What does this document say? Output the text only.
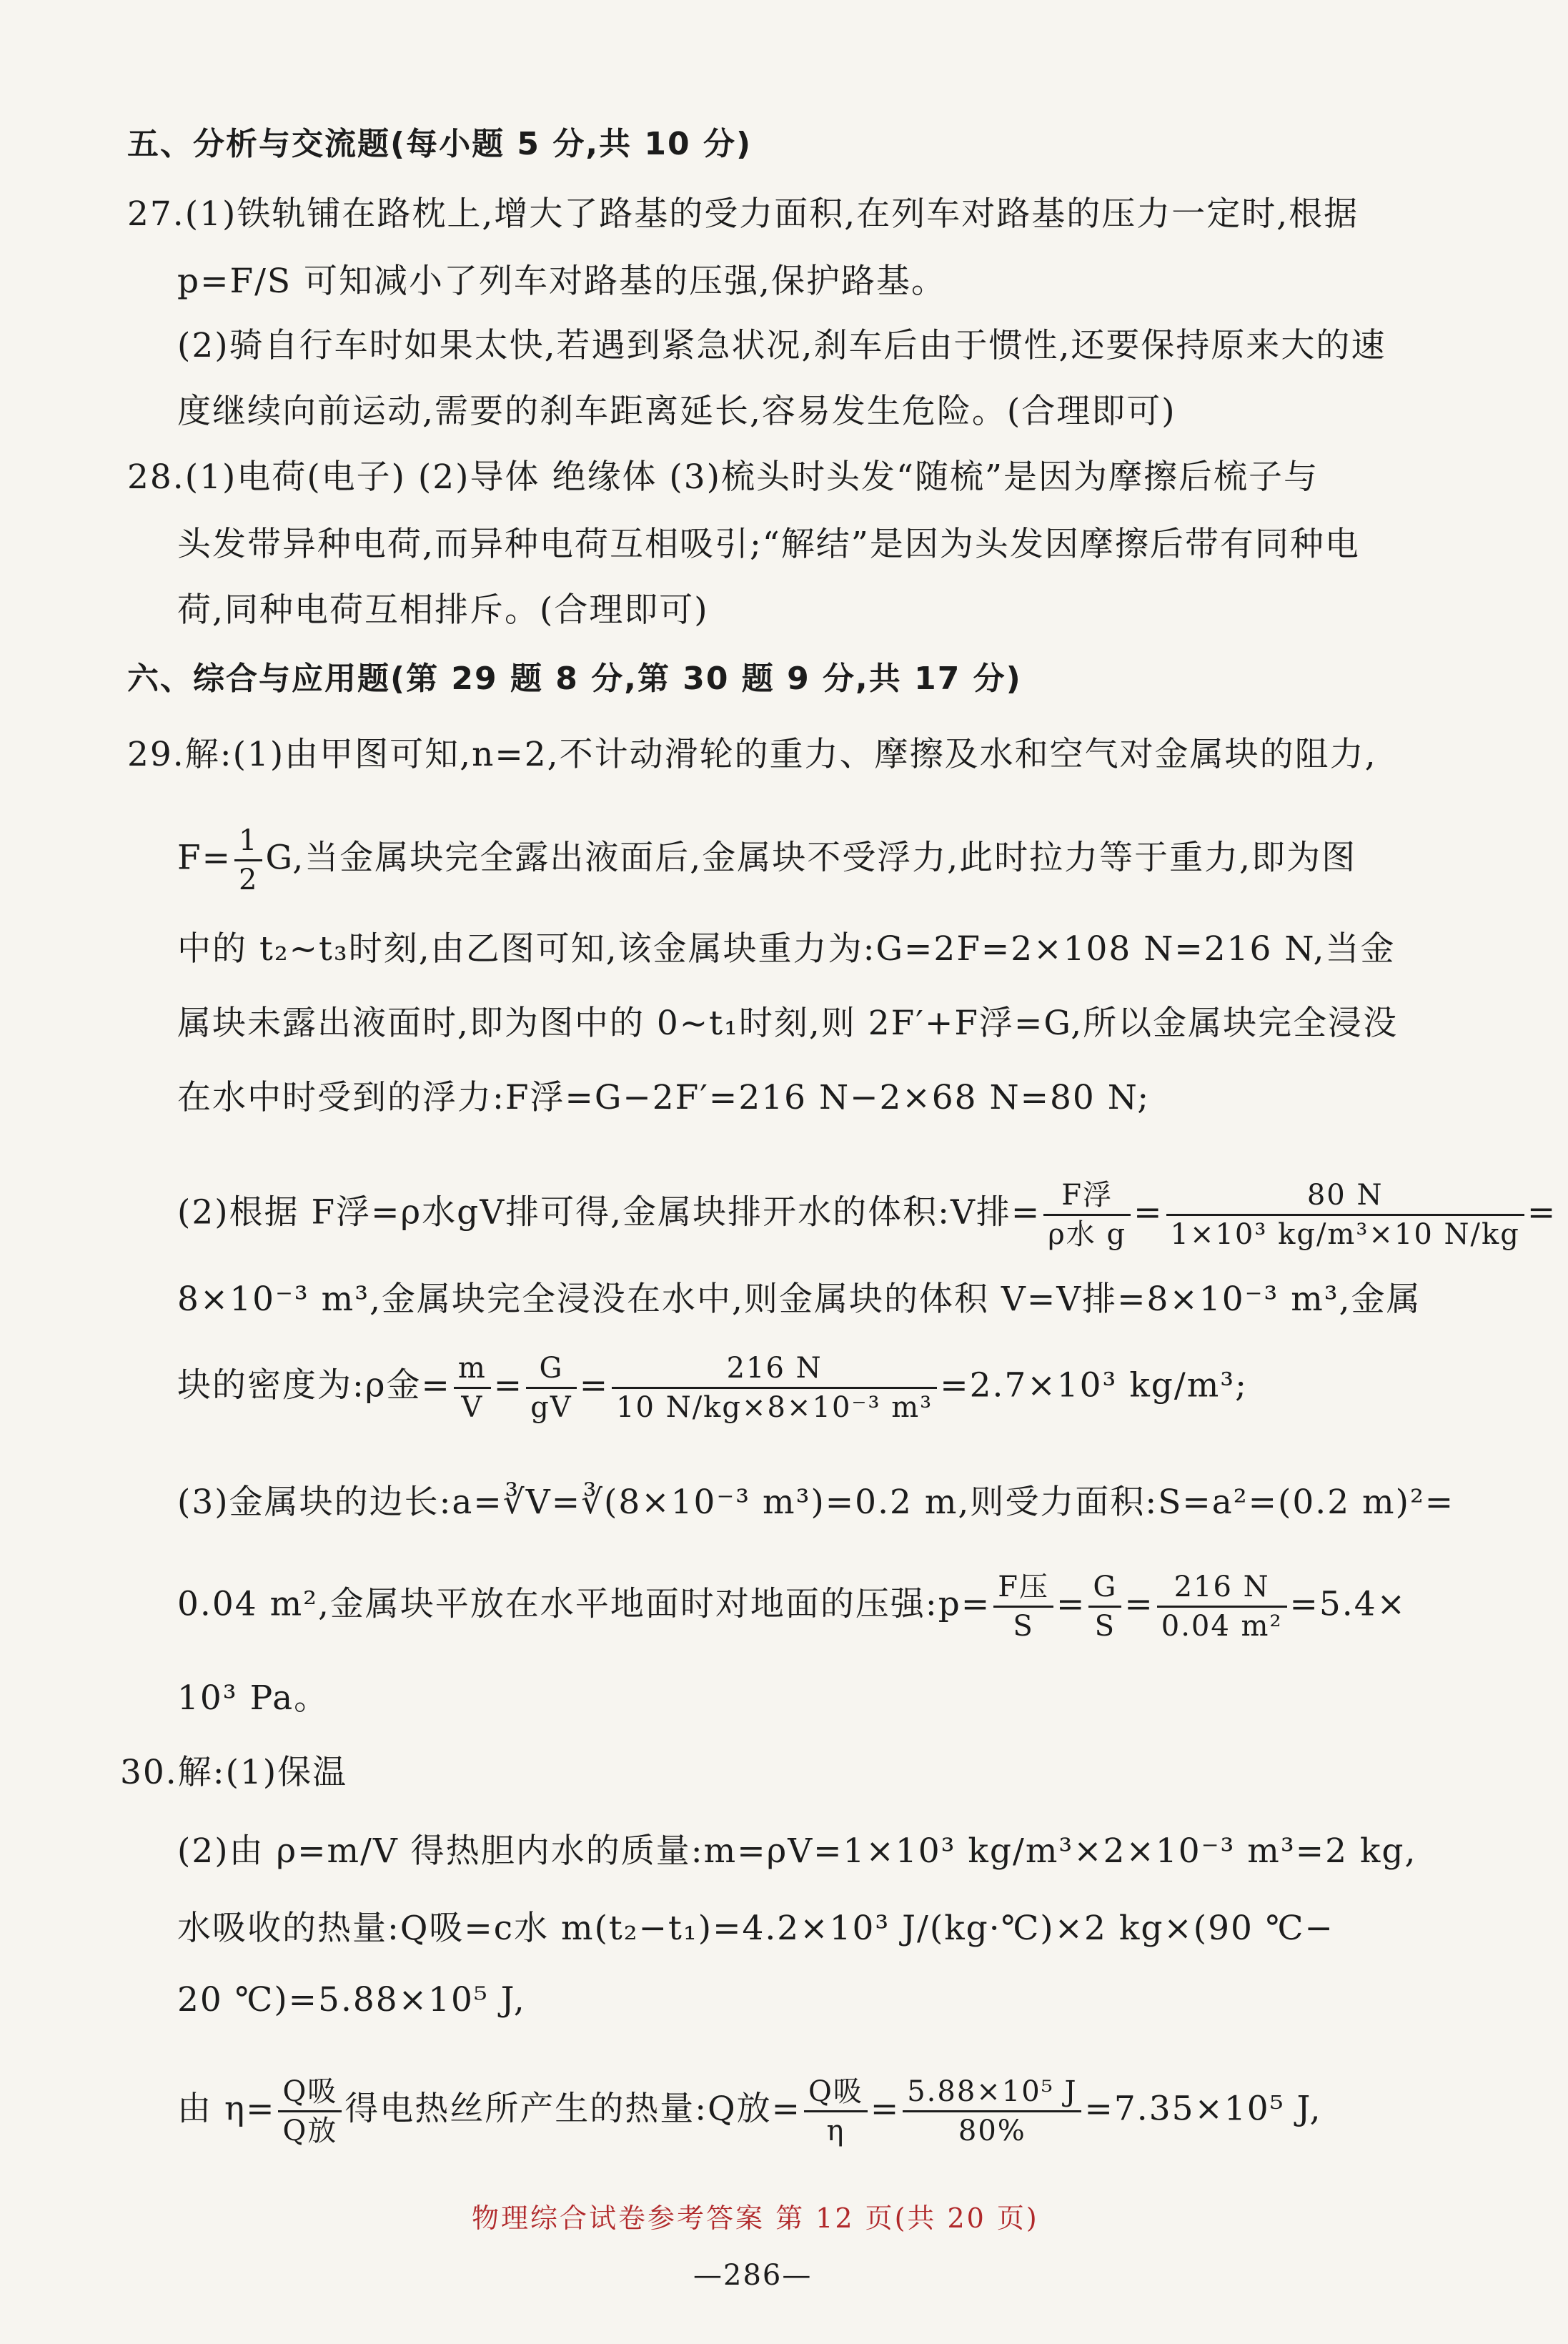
五、分析与交流题(每小题 5 分,共 10 分)
27.(1)铁轨铺在路枕上,增大了路基的受力面积,在列车对路基的压力一定时,根据
p=F/S 可知减小了列车对路基的压强,保护路基。
(2)骑自行车时如果太快,若遇到紧急状况,刹车后由于惯性,还要保持原来大的速
度继续向前运动,需要的刹车距离延长,容易发生危险。(合理即可)
28.(1)电荷(电子) (2)导体 绝缘体 (3)梳头时头发“随梳”是因为摩擦后梳子与
头发带异种电荷,而异种电荷互相吸引;“解结”是因为头发因摩擦后带有同种电
荷,同种电荷互相排斥。(合理即可)
六、综合与应用题(第 29 题 8 分,第 30 题 9 分,共 17 分)
29.解:(1)由甲图可知,n=2,不计动滑轮的重力、摩擦及水和空气对金属块的阻力,
$F= \frac{1}{2} G$,当金属块完全露出液面后,金属块不受浮力,此时拉力等于重力,即为图
中的 t₂~t₃时刻,由乙图可知,该金属块重力为:G=2F=2×108 N=216 N,当金
属块未露出液面时,即为图中的 0~t₁时刻,则 2F′+F浮=G,所以金属块完全浸没
在水中时受到的浮力:F浮=G−2F′=216 N−2×68 N=80 N;
(2)根据 F浮=ρ水gV排可得,金属块排开水的体积:V排= $\frac{\text{F浮}}{\text{ρ水 g}} = \frac{80 N}{\text{1×10³ kg/m³×10 N/kg}}$ =
8×10⁻³ m³,金属块完全浸没在水中,则金属块的体积 V=V排=8×10⁻³ m³,金属
块的密度为:ρ金= $\frac{m}{V} = \frac{G}{gV} = \frac{216 N}{\text{10 N/kg×8×10⁻³ m³}} =2.7\times 10^3$ kg/m³;
(3)金属块的边长:a=∛V=∛(8×10⁻³ m³)=0.2 m,则受力面积:S=a²=(0.2 m)²=
0.04 m²,金属块平放在水平地面时对地面的压强:p= $\frac{\text{F压}}{S} = \frac{G}{S} = \frac{216 N}{\text{0.04 m²}} =5.4\times$
10³ Pa。
30.解:(1)保温
(2)由 ρ=m/V 得热胆内水的质量:m=ρV=1×10³ kg/m³×2×10⁻³ m³=2 kg,
水吸收的热量:Q吸=c水 m(t₂−t₁)=4.2×10³ J/(kg·℃)×2 kg×(90 ℃−
20 ℃)=5.88×10⁵ J,
由 $\eta= \frac{\text{Q吸}}{\text{Q放}}$ 得电热丝所产生的热量:Q放= $\frac{\text{Q吸}}{\eta} = \frac{\text{5.88×10⁵ J}}{80\%} =7.35\times 10^5$ J,
物理综合试卷参考答案 第 12 页(共 20 页)
—286—
